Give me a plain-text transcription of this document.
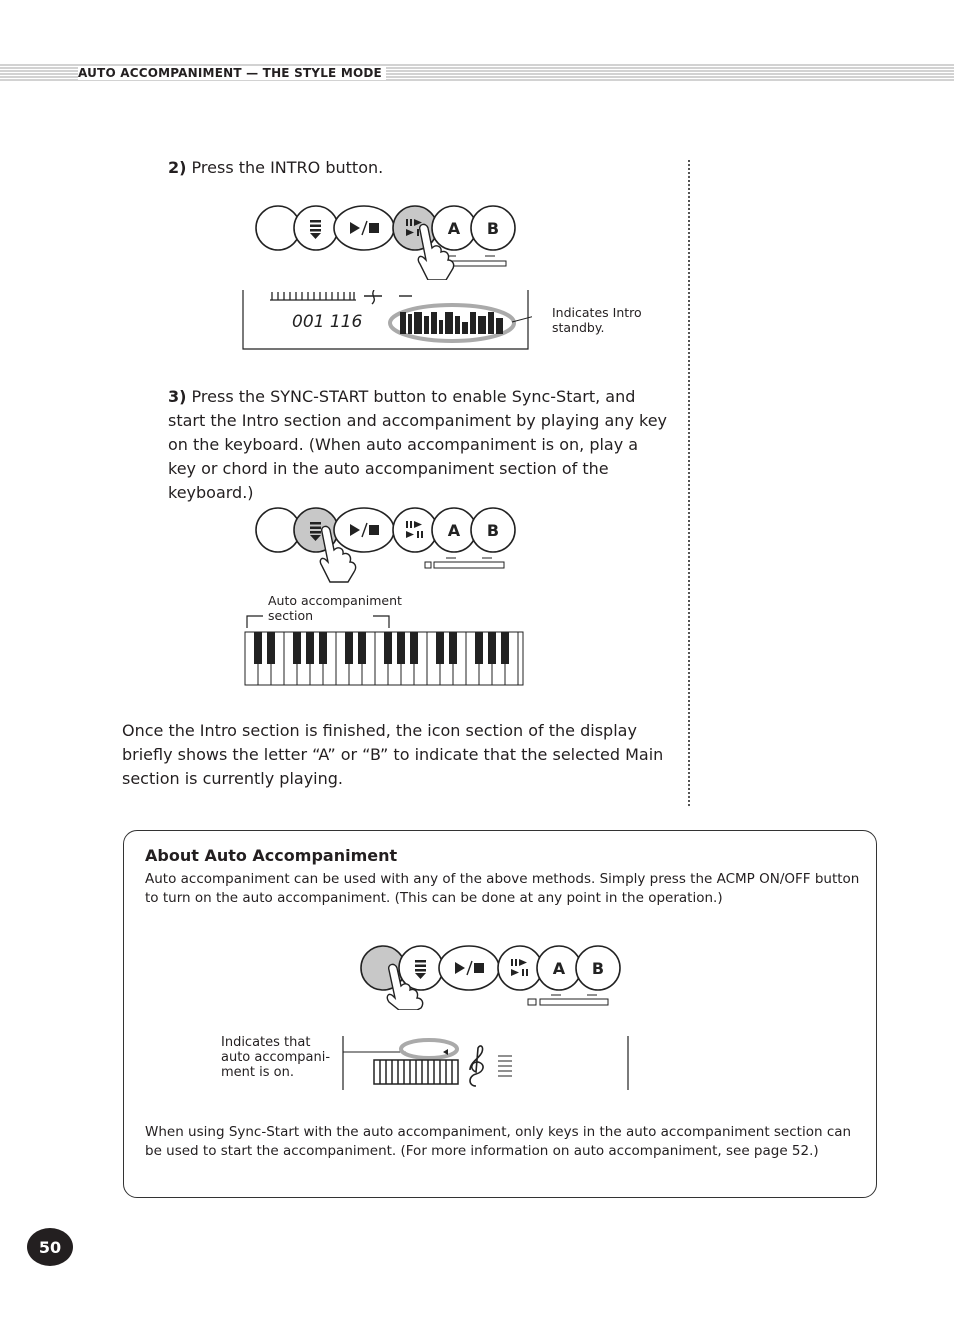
AUTO ACCOMPANIMENT — THE STYLE MODE
2) Press the INTRO button.
A B
001 116	Indicates Intro standby.
3) Press the SYNC-START button to enable Sync-Start, and start the Intro section and accompaniment by playing any key on the keyboard. (When auto accompaniment is on, play a key or chord in the auto accompaniment section of the keyboard.)
A B
Auto accompaniment section
Once the Intro section is finished, the icon section of the display briefly shows the letter “A” or “B” to indicate that the selected Main section is currently playing.
About Auto Accompaniment
Auto accompaniment can be used with any of the above methods. Simply press the ACMP ON/OFF button to turn on the auto accompaniment. (This can be done at any point in the operation.)
A B
Indicates that auto accompani- ment is on.
When using Sync-Start with the auto accompaniment, only keys in the auto accompaniment section can be used to start the accompaniment. (For more information on auto accompaniment, see page 52.)
50
